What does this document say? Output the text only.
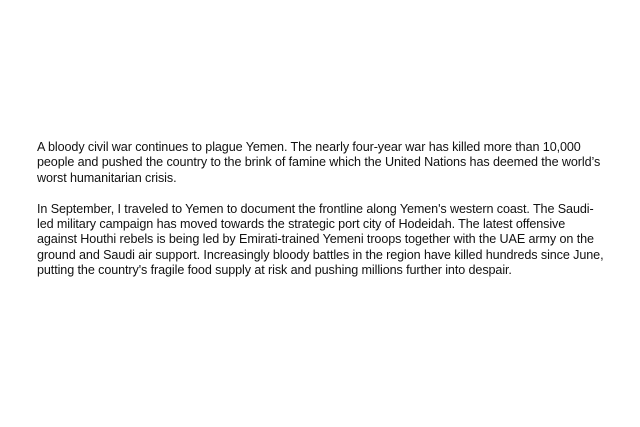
A bloody civil war continues to plague Yemen. The nearly four-year war has killed more than 10,000 people and pushed the country to the brink of famine which the United Nations has deemed the world’s worst humanitarian crisis.

In September, I traveled to Yemen to document the frontline along Yemen's western coast. The Saudi-led military campaign has moved towards the strategic port city of Hodeidah. The latest offensive against Houthi rebels is being led by Emirati-trained Yemeni troops together with the UAE army on the ground and Saudi air support. Increasingly bloody battles in the region have killed hundreds since June, putting the country's fragile food supply at risk and pushing millions further into despair.
